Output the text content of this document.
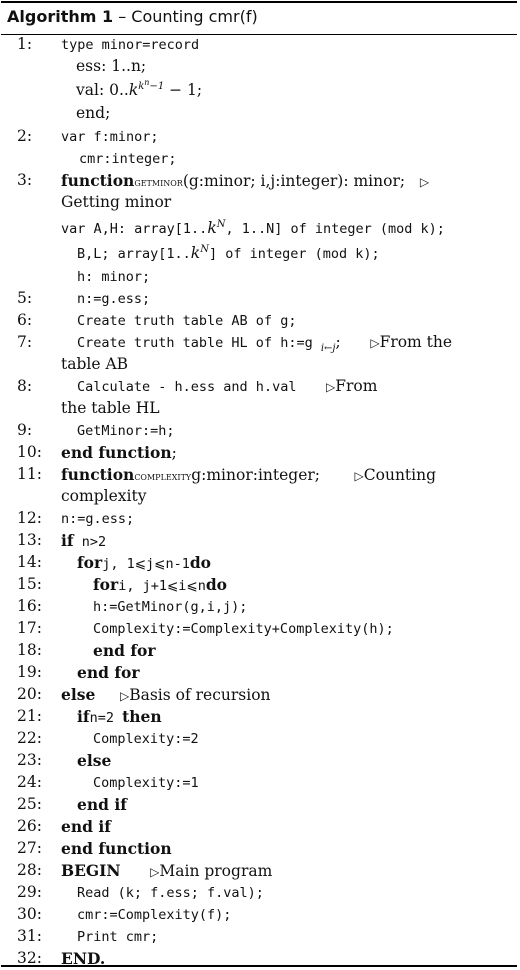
Algorithm 1 – Counting cmr(f)
1:	type minor=record
ess: 1..n;
val: $0..k^{kn-1} - 1$;
end;
2:	var f:minor;
cmr:integer;
3:	functiongetminor(g:minor; i,j:integer): minor; ▷
Getting minor
var A,H: $array[1..k^N$, 1..N] of integer (mod k);
B,L; $array[1..k^N]$ of integer (mod k);
h: minor;
5:	n:=g.ess;
6:	Create truth table AB of g;
7:	Create truth table HL of h:=g $_{i\leftarrow j}$; ▷From the
table AB
8:	Calculate - h.ess and h.val ▷From
the table HL
9:	GetMinor:=h;
10:	end function;
11:	functioncomplexityg:minor:integer;	▷Counting
complexity
12:	n:=g.ess;
13:	if n>2
14:	forj, 1⩽j⩽n-1do
15:	fori, j+1⩽i⩽ndo
16:	h:=GetMinor(g,i,j);
17:	Complexity:=Complexity+Complexity(h);
18:	end for
19:	end for
20:	else ▷Basis of recursion
21:	ifn=2 then
22:	Complexity:=2
23:	else
24:	Complexity:=1
25:	end if
26:	end if
27:	end function
28:	BEGIN ▷Main program
29:	Read (k; f.ess; f.val);
30:	cmr:=Complexity(f);
31:	Print cmr;
32:	END.
